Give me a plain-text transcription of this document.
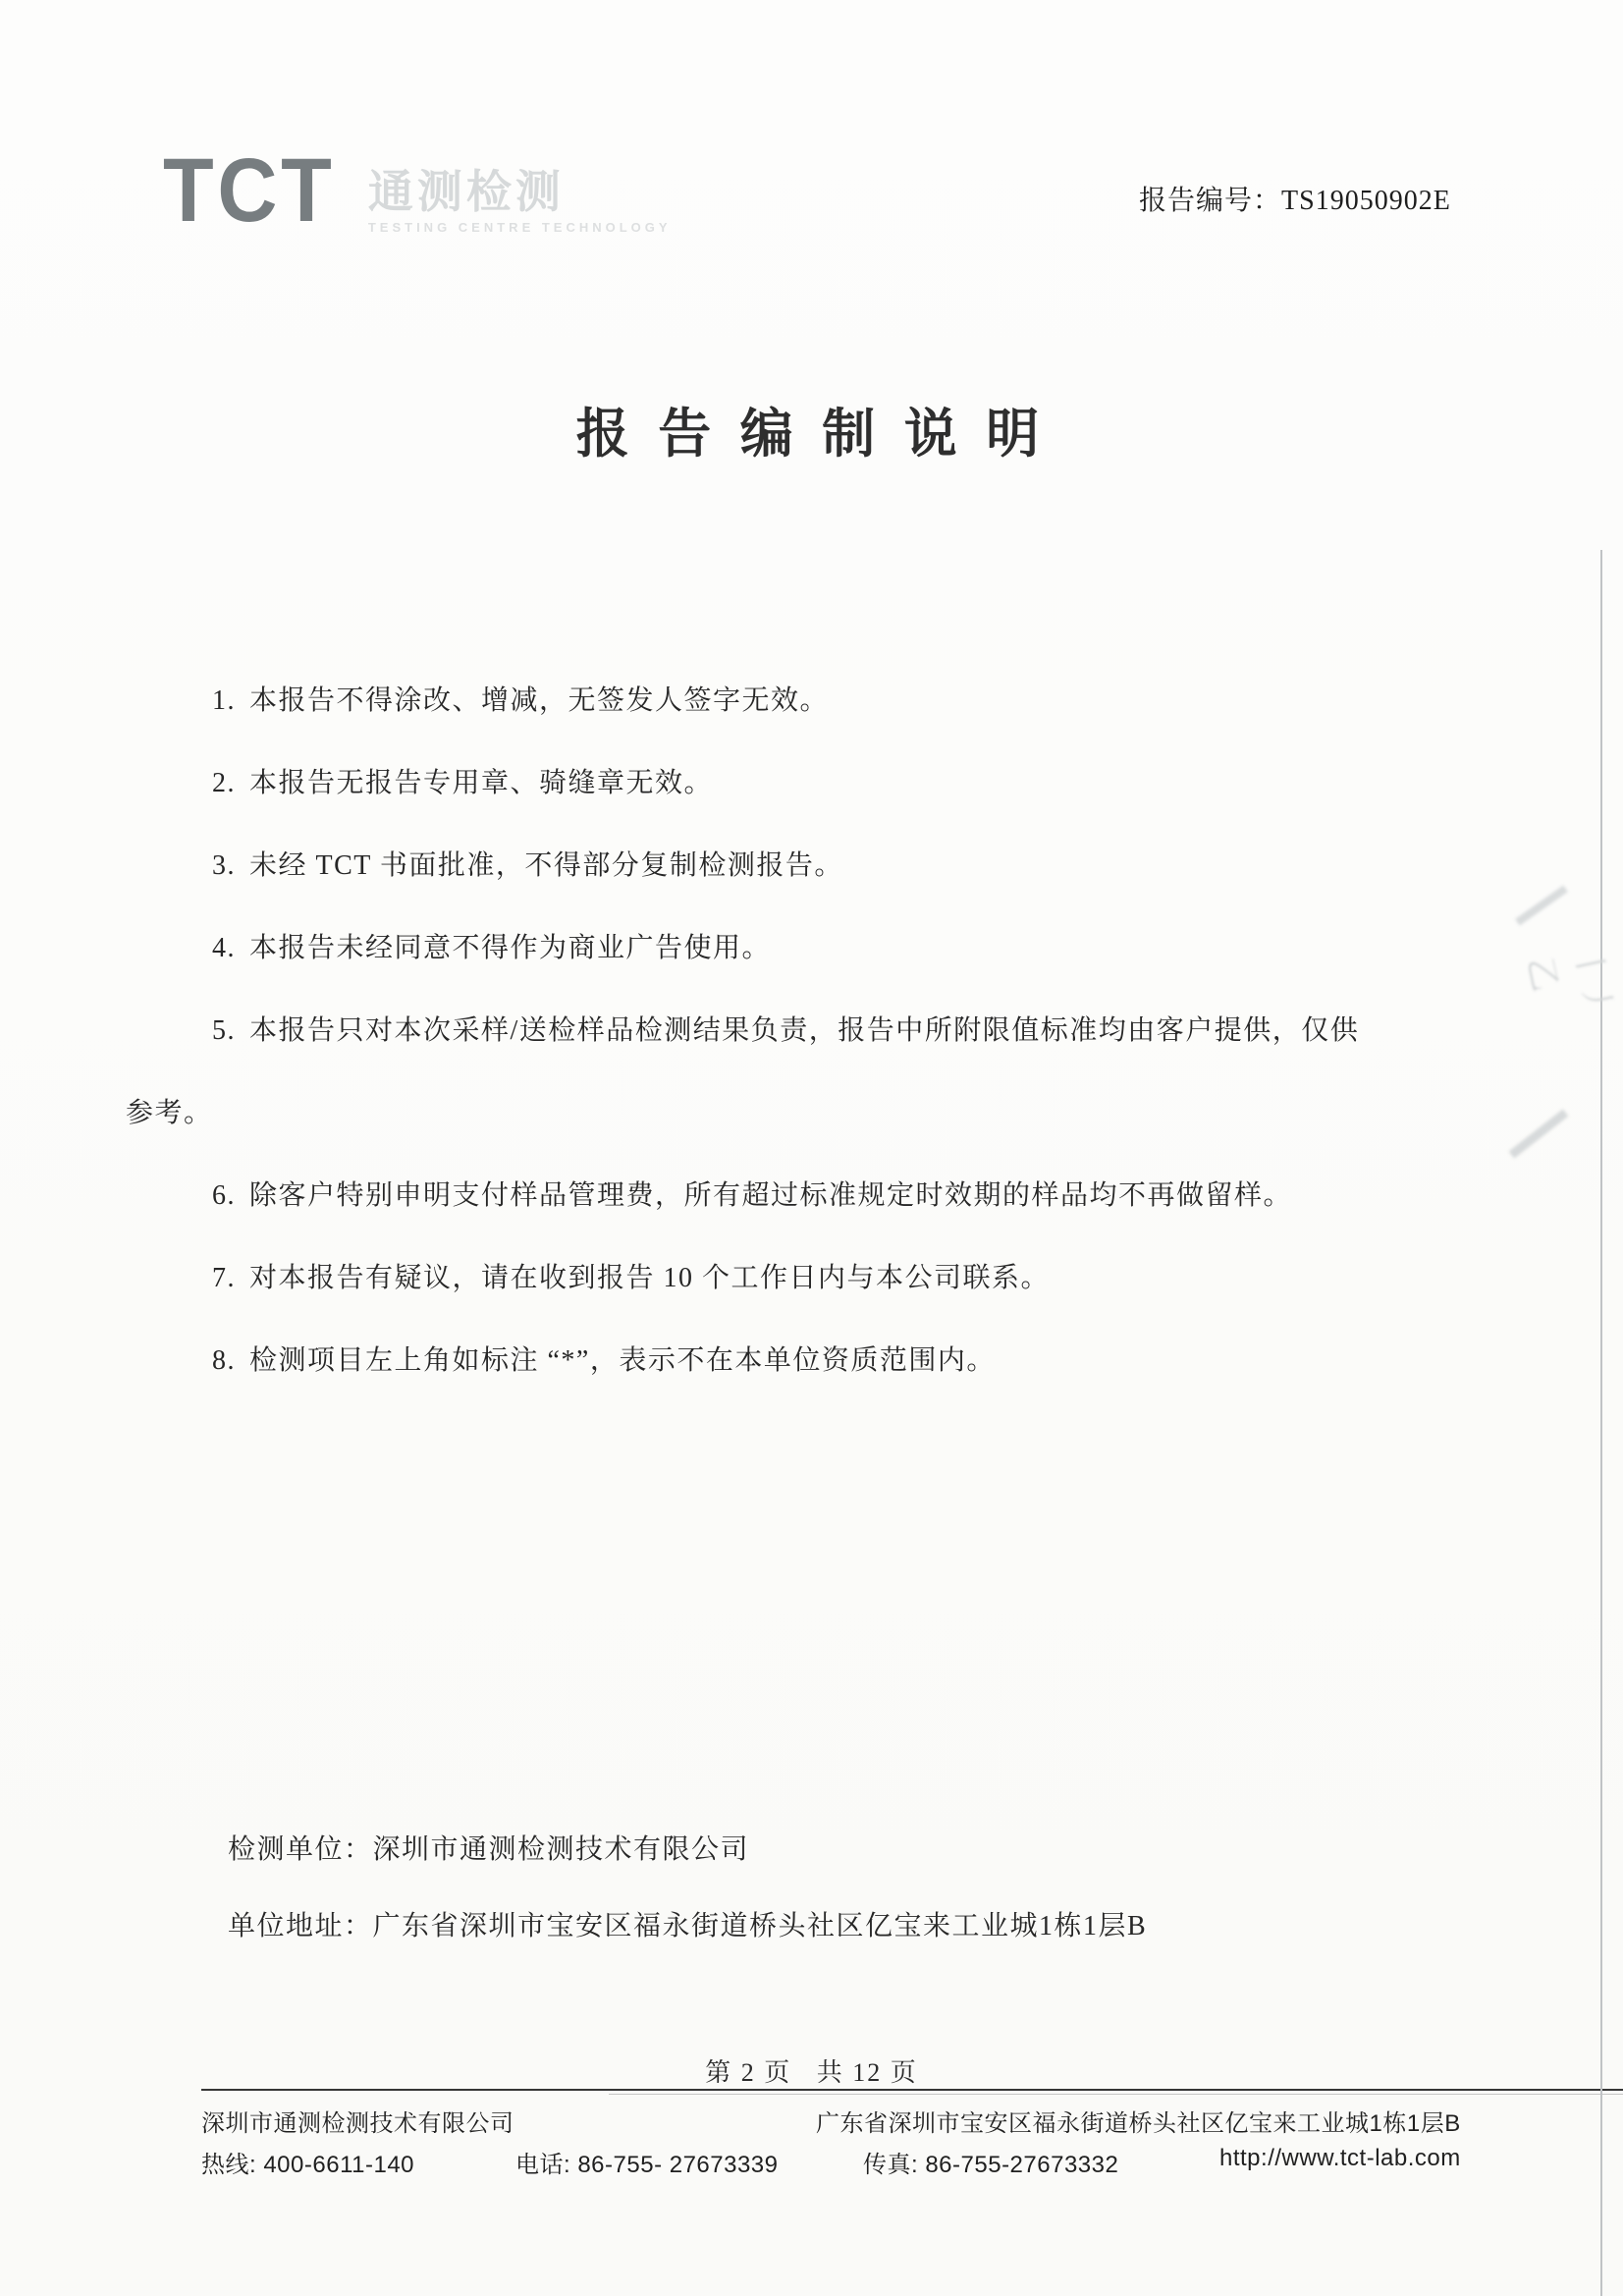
TCT 通测检测
TESTING CENTRE TECHNOLOGY
报告编号：TS19050902E
报 告 编 制 说 明

1. 本报告不得涂改、增减，无签发人签字无效。

2. 本报告无报告专用章、骑缝章无效。

3. 未经 TCT 书面批准，不得部分复制检测报告。

4. 本报告未经同意不得作为商业广告使用。

5. 本报告只对本次采样/送检样品检测结果负责，报告中所附限值标准均由客户提供，仅供
参考。

6. 除客户特别申明支付样品管理费，所有超过标准规定时效期的样品均不再做留样。

7. 对本报告有疑议，请在收到报告 10 个工作日内与本公司联系。

8. 检测项目左上角如标注 “*”，表示不在本单位资质范围内。

检测单位：深圳市通测检测技术有限公司
单位地址：广东省深圳市宝安区福永街道桥头社区亿宝来工业城1栋1层B
第 2 页   共 12 页
深圳市通测检测技术有限公司	广东省深圳市宝安区福永街道桥头社区亿宝来工业城1栋1层B
热线: 400-6611-140	电话: 86-755- 27673339	传真: 86-755-27673332	http://www.tct-lab.com
丨丿乙
